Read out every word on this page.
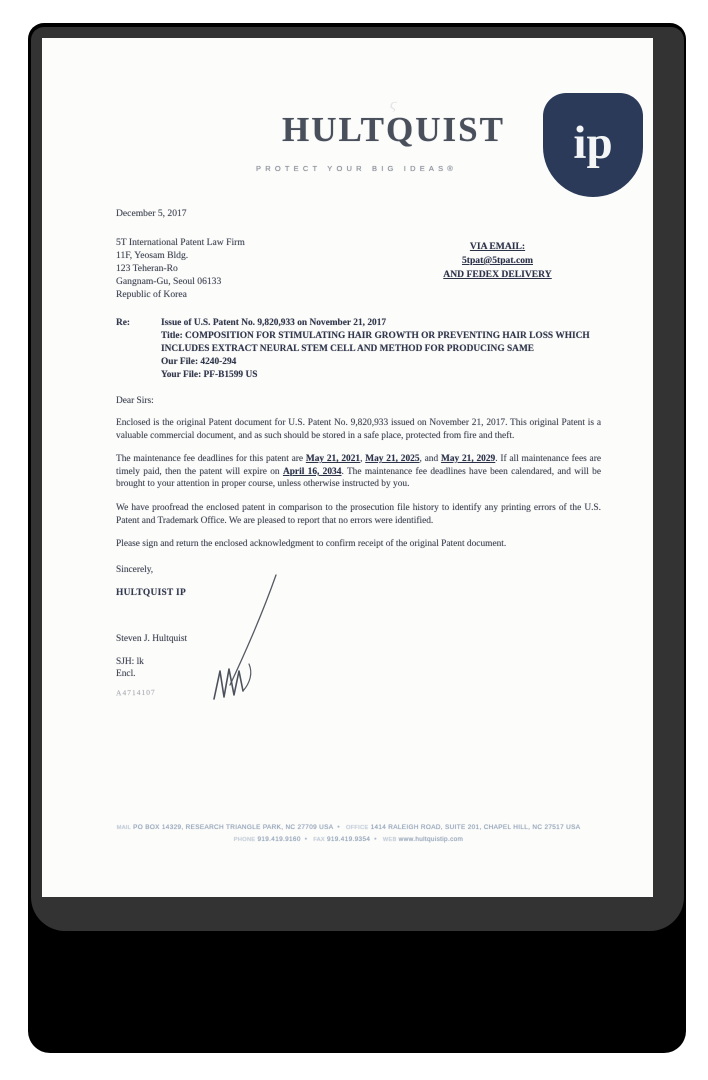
ϛ
HULTQUIST
PROTECT YOUR BIG IDEAS® ip
VIA EMAIL:
5tpat@5tpat.com
AND FEDEX DELIVERY

December 5, 2017

5T International Patent Law Firm
11F, Yeosam Bldg.
123 Teheran-Ro
Gangnam-Gu, Seoul 06133
Republic of Korea
Re:	Issue of U.S. Patent No. 9,820,933 on November 21, 2017
Title: COMPOSITION FOR STIMULATING HAIR GROWTH OR PREVENTING HAIR LOSS WHICH INCLUDES EXTRACT NEURAL STEM CELL AND METHOD FOR PRODUCING SAME
Our File: 4240-294
Your File: PF-B1599 US

Dear Sirs:

Enclosed is the original Patent document for U.S. Patent No. 9,820,933 issued on November 21, 2017. This original Patent is a valuable commercial document, and as such should be stored in a safe place, protected from fire and theft.

The maintenance fee deadlines for this patent are May 21, 2021, May 21, 2025, and May 21, 2029. If all maintenance fees are timely paid, then the patent will expire on April 16, 2034. The maintenance fee deadlines have been calendared, and will be brought to your attention in proper course, unless otherwise instructed by you.

We have proofread the enclosed patent in comparison to the prosecution file history to identify any printing errors of the U.S. Patent and Trademark Office. We are pleased to report that no errors were identified.

Please sign and return the enclosed acknowledgment to confirm receipt of the original Patent document.

Sincerely,
HULTQUIST IP
Steven J. Hultquist
SJH: lk
Encl.
A4714107
MAIL PO BOX 14329, RESEARCH TRIANGLE PARK, NC 27709 USA • OFFICE 1414 RALEIGH ROAD, SUITE 201, CHAPEL HILL, NC 27517 USA
PHONE 919.419.9160 • FAX 919.419.9354 • WEB www.hultquistip.com
